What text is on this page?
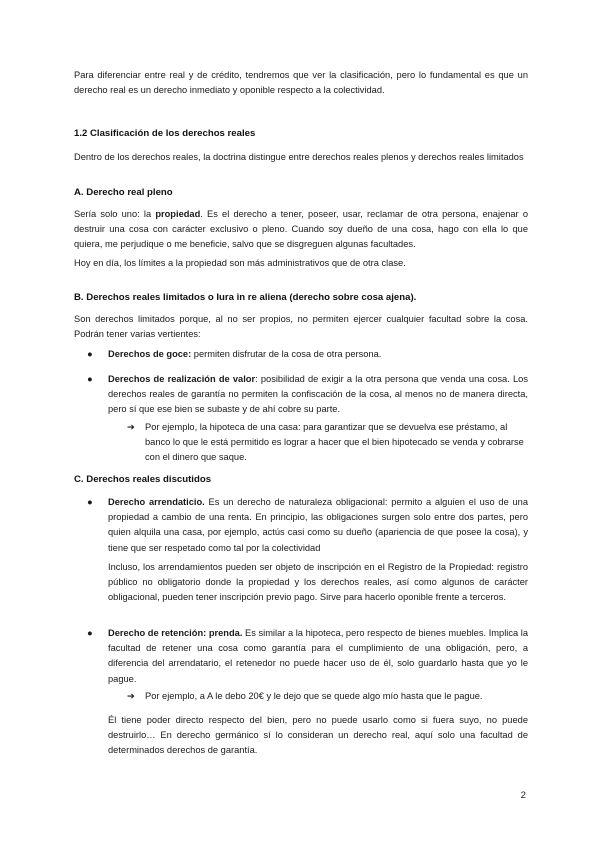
Para diferenciar entre real y de crédito, tendremos que ver la clasificación, pero lo fundamental es que un derecho real es un derecho inmediato y oponible respecto a la colectividad.

1.2 Clasificación de los derechos reales

Dentro de los derechos reales, la doctrina distingue entre derechos reales plenos y derechos reales limitados

A. Derecho real pleno

Sería solo uno: la propiedad. Es el derecho a tener, poseer, usar, reclamar de otra persona, enajenar o destruir una cosa con carácter exclusivo o pleno. Cuando soy dueño de una cosa, hago con ella lo que quiera, me perjudique o me beneficie, salvo que se disgreguen algunas facultades.

Hoy en día, los límites a la propiedad son más administrativos que de otra clase.

B. Derechos reales limitados o Iura in re aliena (derecho sobre cosa ajena).

Son derechos limitados porque, al no ser propios, no permiten ejercer cualquier facultad sobre la cosa. Podrán tener varias vertientes:

●	Derechos de goce: permiten disfrutar de la cosa de otra persona.
●	Derechos de realización de valor: posibilidad de exigir a la otra persona que venda una cosa. Los derechos reales de garantía no permiten la confiscación de la cosa, al menos no de manera directa, pero sí que ese bien se subaste y de ahí cobre su parte.
➔ Por ejemplo, la hipoteca de una casa: para garantizar que se devuelva ese préstamo, al banco lo que le está permitido es lograr a hacer que el bien hipotecado se venda y cobrarse con el dinero que saque.

C. Derechos reales discutidos

●	Derecho arrendaticio. Es un derecho de naturaleza obligacional: permito a alguien el uso de una propiedad a cambio de una renta. En principio, las obligaciones surgen solo entre dos partes, pero quien alquila una casa, por ejemplo, actús casi como su dueño (apariencia de que posee la cosa), y tiene que ser respetado como tal por la colectividad
Incluso, los arrendamientos pueden ser objeto de inscripción en el Registro de la Propiedad: registro público no obligatorio donde la propiedad y los derechos reales, así como algunos de carácter obligacional, pueden tener inscripción previo pago. Sirve para hacerlo oponible frente a terceros.
●	Derecho de retención: prenda. Es similar a la hipoteca, pero respecto de bienes muebles. Implica la facultad de retener una cosa como garantía para el cumplimiento de una obligación, pero, a diferencia del arrendatario, el retenedor no puede hacer uso de él, solo guardarlo hasta que yo le pague.
➔ Por ejemplo, a A le debo 20€ y le dejo que se quede algo mío hasta que le pague.
Él tiene poder directo respecto del bien, pero no puede usarlo como si fuera suyo, no puede destruirlo… En derecho germánico sí lo consideran un derecho real, aquí solo una facultad de determinados derechos de garantía.
2
